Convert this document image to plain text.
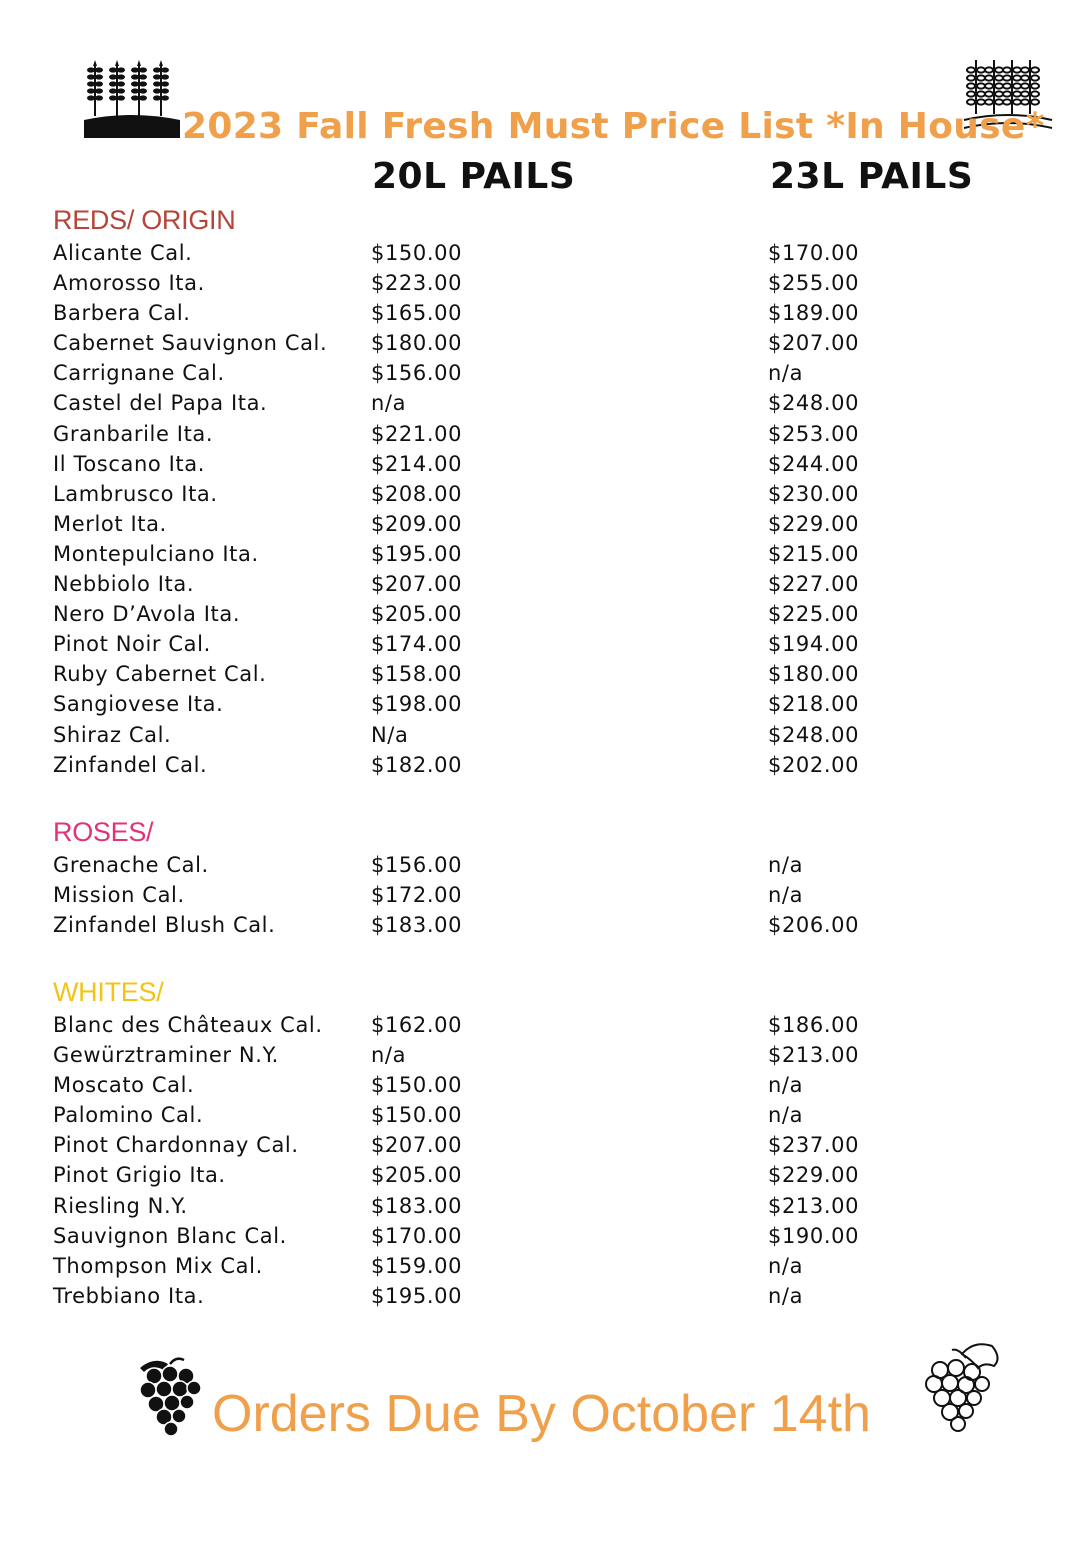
2023 Fall Fresh Must Price List *In House*
20L PAILS	23L PAILS
REDS/ ORIGIN
Alicante Cal.	$150.00	$170.00
Amorosso Ita.	$223.00	$255.00
Barbera Cal.	$165.00	$189.00
Cabernet Sauvignon Cal. $180.00	$207.00
Carrignane Cal.	$156.00	n/a
Castel del Papa Ita.	n/a	$248.00
Granbarile Ita.	$221.00	$253.00
Il Toscano Ita.	$214.00	$244.00
Lambrusco Ita.	$208.00	$230.00
Merlot Ita.	$209.00	$229.00
Montepulciano Ita.	$195.00	$215.00
Nebbiolo Ita.	$207.00	$227.00
Nero D’Avola Ita.	$205.00	$225.00
Pinot Noir Cal.	$174.00	$194.00
Ruby Cabernet Cal.	$158.00	$180.00
Sangiovese Ita.	$198.00	$218.00
Shiraz Cal.	N/a	$248.00
Zinfandel Cal.	$182.00	$202.00
ROSES/
Grenache Cal.	$156.00	n/a
Mission Cal.	$172.00	n/a
Zinfandel Blush Cal.	$183.00	$206.00
WHITES/
Blanc des Châteaux Cal. $162.00	$186.00
Gewürztraminer N.Y.	n/a	$213.00
Moscato Cal.	$150.00	n/a
Palomino Cal.	$150.00	n/a
Pinot Chardonnay Cal.	$207.00	$237.00
Pinot Grigio Ita.	$205.00	$229.00
Riesling N.Y.	$183.00	$213.00
Sauvignon Blanc Cal.	$170.00	$190.00
Thompson Mix Cal.	$159.00	n/a
Trebbiano Ita.	$195.00	n/a
Orders Due By October 14th
